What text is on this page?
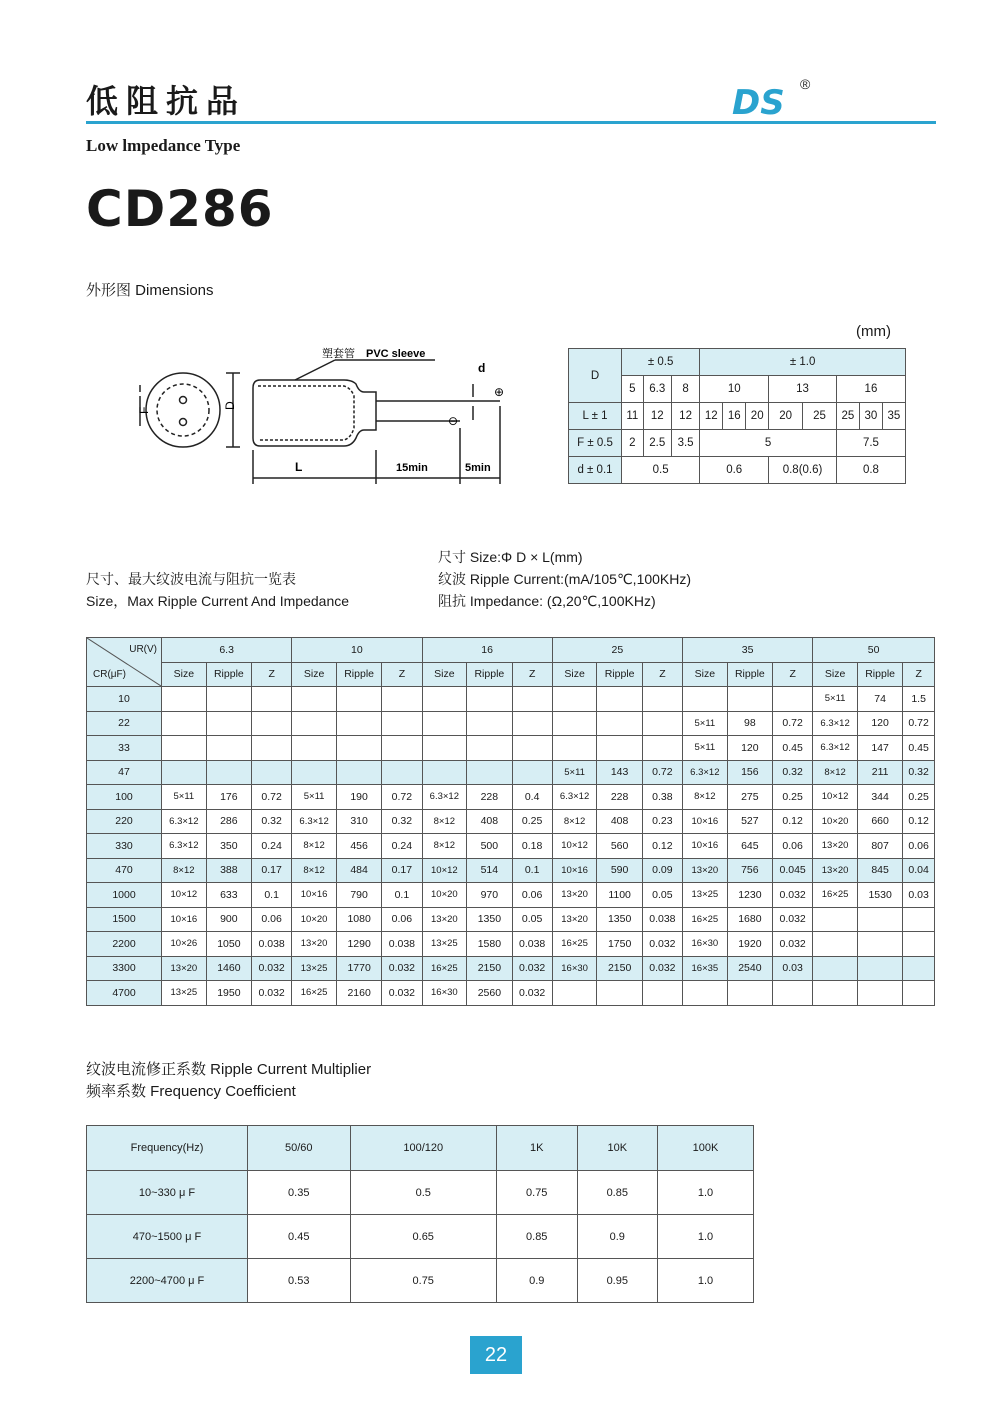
低阻抗品	DS ®
Low lmpedance Type
CD286
外形图 Dimensions
(mm)
F
D
L	15min	5min
d
⊕
⊖
塑套管 PVC sleeve
D	± 0.5			± 1.0							
	5	6.3	8	10			13		16		
L ± 1	11	12	12	12	16	20	20	25	25	30	35
F ± 0.5	2	2.5	3.5	5					7.5		
d ± 0.1	0.5			0.6			0.8(0.6)		0.8		
尺寸、最大纹波电流与阻抗一览表
Size，Max Ripple Current And Impedance
尺寸 Size:Φ D × L(mm)
纹波 Ripple Current:(mA/105℃,100KHz)
阻抗 Impedance: (Ω,20℃,100KHz)
UR(V)
CR(μF)	6.3			10			16			25			35			50		
	Size	Ripple	Z	Size	Ripple	Z	Size	Ripple	Z	Size	Ripple	Z	Size	Ripple	Z	Size	Ripple	Z
10																5×11	74	1.5
22													5×11	98	0.72	6.3×12	120	0.72
33													5×11	120	0.45	6.3×12	147	0.45
47										5×11	143	0.72	6.3×12	156	0.32	8×12	211	0.32
100	5×11	176	0.72	5×11	190	0.72	6.3×12	228	0.4	6.3×12	228	0.38	8×12	275	0.25	10×12	344	0.25
220	6.3×12	286	0.32	6.3×12	310	0.32	8×12	408	0.25	8×12	408	0.23	10×16	527	0.12	10×20	660	0.12
330	6.3×12	350	0.24	8×12	456	0.24	8×12	500	0.18	10×12	560	0.12	10×16	645	0.06	13×20	807	0.06
470	8×12	388	0.17	8×12	484	0.17	10×12	514	0.1	10×16	590	0.09	13×20	756	0.045	13×20	845	0.04
1000	10×12	633	0.1	10×16	790	0.1	10×20	970	0.06	13×20	1100	0.05	13×25	1230	0.032	16×25	1530	0.03
1500	10×16	900	0.06	10×20	1080	0.06	13×20	1350	0.05	13×20	1350	0.038	16×25	1680	0.032			
2200	10×26	1050	0.038	13×20	1290	0.038	13×25	1580	0.038	16×25	1750	0.032	16×30	1920	0.032			
3300	13×20	1460	0.032	13×25	1770	0.032	16×25	2150	0.032	16×30	2150	0.032	16×35	2540	0.03			
4700	13×25	1950	0.032	16×25	2160	0.032	16×30	2560	0.032									
纹波电流修正系数 Ripple Current Multiplier
频率系数 Frequency Coefficient
Frequency(Hz)	50/60	100/120	1K	10K	100K
10~330 μ F	0.35	0.5	0.75	0.85	1.0
470~1500 μ F	0.45	0.65	0.85	0.9	1.0
2200~4700 μ F	0.53	0.75	0.9	0.95	1.0
22
